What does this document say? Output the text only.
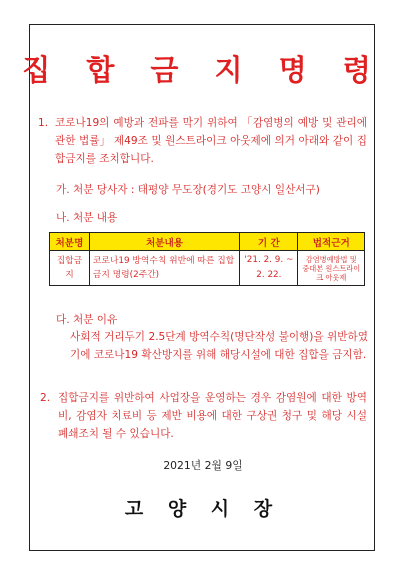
집 합 금 지 명 령
1. 코로나19의 예방과 전파를 막기 위하여 「감염병의 예방 및 관리에 관한 법률」 제49조 및 원스트라이크 아웃제에 의거 아래와 같이 집합금지를 조치합니다.
가. 처분 당사자 : 태평양 무도장(경기도 고양시 일산서구)
나. 처분 내용
처분명	처분내용	기 간	법적근거
집합금지	코로나19 방역수칙 위반에 따른 집합금지 명령(2주간)	'21. 2. 9. ~ 2. 22.	감염병예방법 및 중대본 원스트라이크 아웃제
다. 처분 이유
사회적 거리두기 2.5단계 방역수칙(명단작성 불이행)을 위반하였기에 코로나19 확산방지를 위해 해당시설에 대한 집합을 금지함.
2. 집합금지를 위반하여 사업장을 운영하는 경우 감염원에 대한 방역비, 감염자 치료비 등 제반 비용에 대한 구상권 청구 및 해당 시설 폐쇄조치 될 수 있습니다.
2021년 2월 9일
고 양 시 장
